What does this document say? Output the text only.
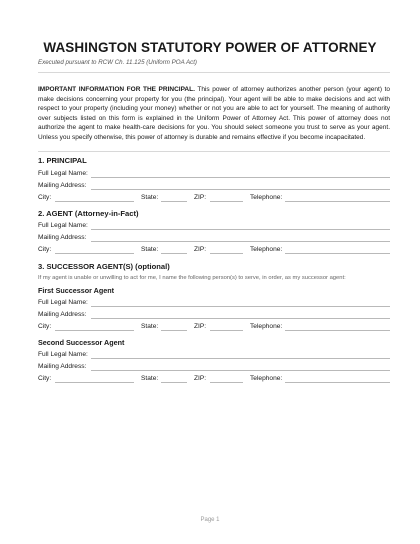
WASHINGTON STATUTORY POWER OF ATTORNEY
Executed pursuant to RCW Ch. 11.125 (Uniform POA Act)
IMPORTANT INFORMATION FOR THE PRINCIPAL. This power of attorney authorizes another person (your agent) to make decisions concerning your property for you (the principal). Your agent will be able to make decisions and act with respect to your property (including your money) whether or not you are able to act for yourself. The meaning of authority over subjects listed on this form is explained in the Uniform Power of Attorney Act. This power of attorney does not authorize the agent to make health-care decisions for you. You should select someone you trust to serve as your agent. Unless you specify otherwise, this power of attorney is durable and remains effective if you become incapacitated.
1. PRINCIPAL
Full Legal Name:
Mailing Address:
City:	State:	ZIP:	Telephone:
2. AGENT (Attorney-in-Fact)
Full Legal Name:
Mailing Address:
City:	State:	ZIP:	Telephone:
3. SUCCESSOR AGENT(S) (optional)
If my agent is unable or unwilling to act for me, I name the following person(s) to serve, in order, as my successor agent:
First Successor Agent
Full Legal Name:
Mailing Address:
City:	State:	ZIP:	Telephone:
Second Successor Agent
Full Legal Name:
Mailing Address:
City:	State:	ZIP:	Telephone:
Page 1
